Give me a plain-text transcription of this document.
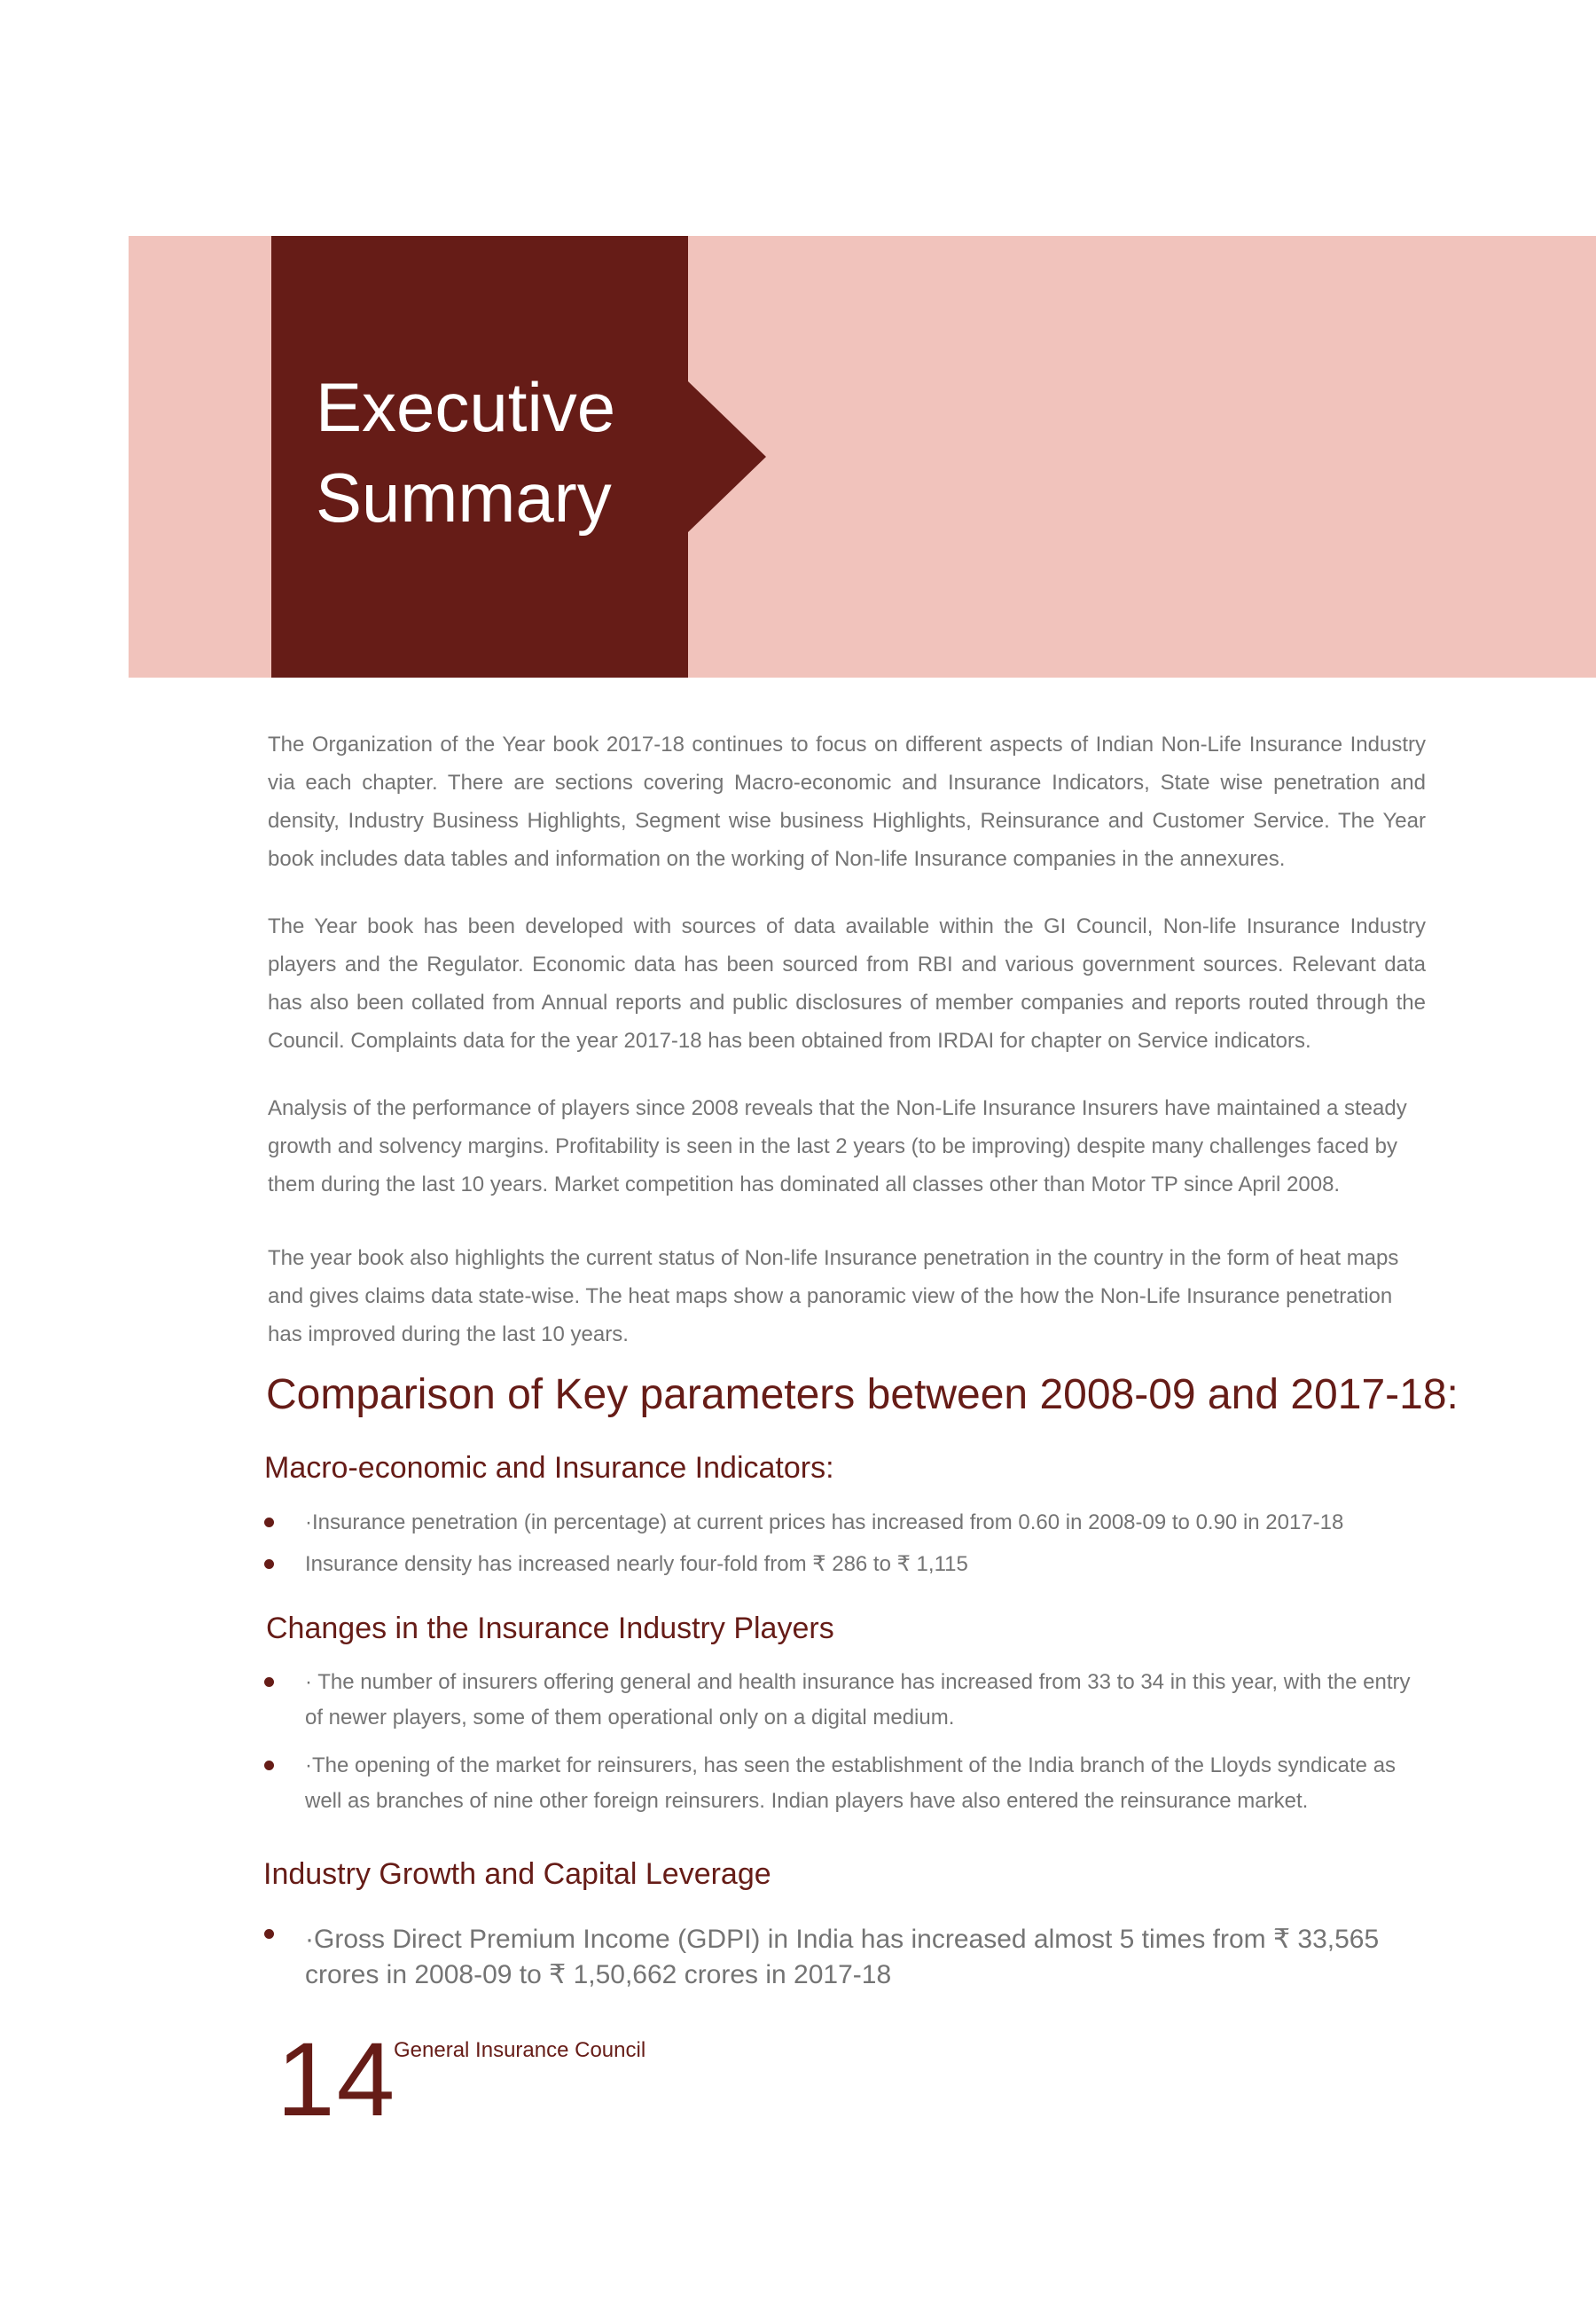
Executive
Summary

The Organization of the Year book 2017-18 continues to focus on different aspects of Indian Non-Life Insurance Industry via each chapter. There are sections covering Macro-economic and Insurance Indicators, State wise penetration and density, Industry Business Highlights, Segment wise business Highlights, Reinsurance and Customer Service. The Year book includes data tables and information on the working of Non-life Insurance companies in the annexures.

The Year book has been developed with sources of data available within the GI Council, Non-life Insurance Industry players and the Regulator. Economic data has been sourced from RBI and various government sources. Relevant data has also been collated from Annual reports and public disclosures of member companies and reports routed through the Council. Complaints data for the year 2017-18 has been obtained from IRDAI for chapter on Service indicators.

Analysis of the performance of players since 2008 reveals that the Non-Life Insurance Insurers have maintained a steady growth and solvency margins. Profitability is seen in the last 2 years (to be improving) despite many challenges faced by them during the last 10 years. Market competition has dominated all classes other than Motor TP since April 2008.

The year book also highlights the current status of Non-life Insurance penetration in the country in the form of heat maps and gives claims data state-wise. The heat maps show a panoramic view of the how the Non-Life Insurance penetration has improved during the last 10 years.

Comparison of Key parameters between 2008-09 and 2017-18:
Macro-economic and Insurance Indicators:
·Insurance penetration (in percentage) at current prices has increased from 0.60 in 2008-09 to 0.90 in 2017-18
Insurance density has increased nearly four-fold from ₹ 286 to ₹ 1,115
Changes in the Insurance Industry Players
· The number of insurers offering general and health insurance has increased from 33 to 34 in this year, with the entry of newer players, some of them operational only on a digital medium.
·The opening of the market for reinsurers, has seen the establishment of the India branch of the Lloyds syndicate as well as branches of nine other foreign reinsurers. Indian players have also entered the reinsurance market.
Industry Growth and Capital Leverage
·Gross Direct Premium Income (GDPI) in India has increased almost 5 times from ₹ 33,565 crores in 2008-09 to ₹ 1,50,662 crores in 2017-18
14
General Insurance Council
